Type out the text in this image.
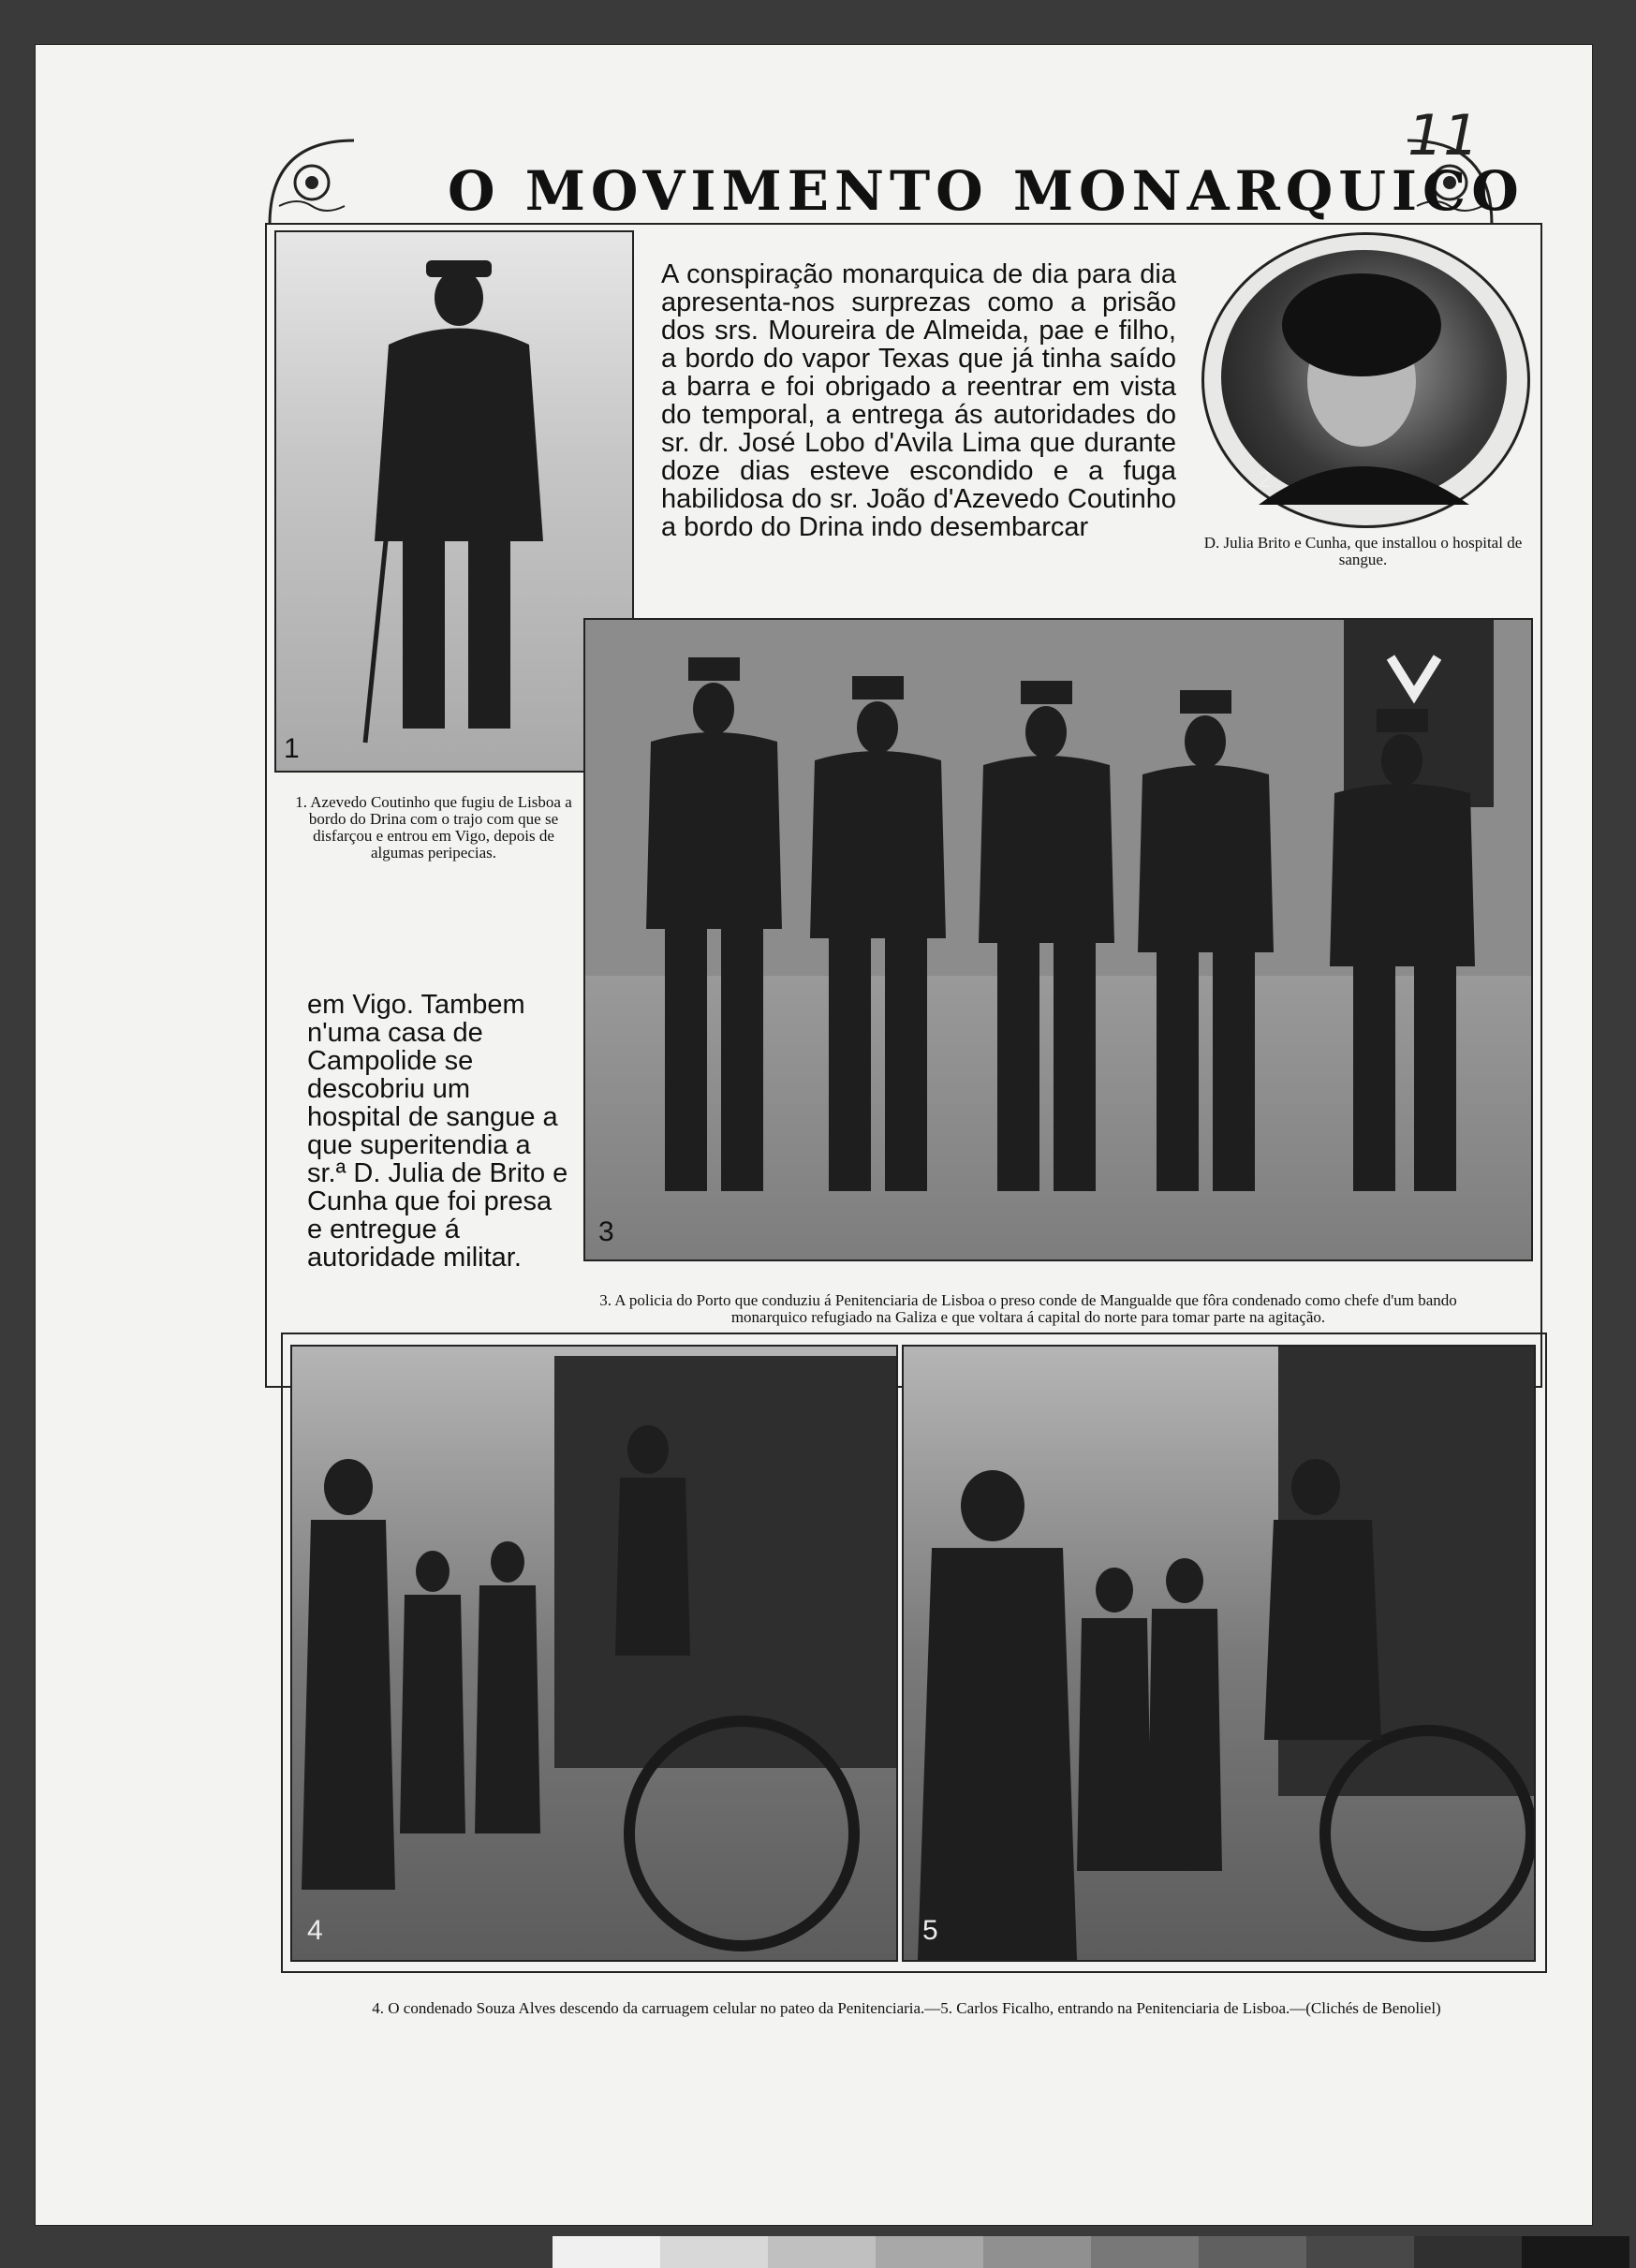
11
O MOVIMENTO MONARQUICO
1
A conspiração monarquica de dia para dia apresenta-nos surprezas como a prisão dos srs. Moureira de Almeida, pae e filho, a bordo do vapor Texas que já tinha saído a barra e foi obrigado a reentrar em vista do temporal, a entrega ás autoridades do sr. dr. José Lobo d'Avila Lima que durante doze dias esteve escondido e a fuga habilidosa do sr. João d'Azevedo Coutinho a bordo do Drina indo desembarcar
2
D. Julia Brito e Cunha, que installou o hospital de sangue.
1. Azevedo Coutinho que fugiu de Lisboa a bordo do Drina com o trajo com que se disfarçou e entrou em Vigo, depois de algumas peripecias.
em Vigo. Tambem n'uma casa de Campolide se descobriu um hospital de sangue a que superitendia a sr.ª D. Julia de Brito e Cunha que foi presa e entregue á autoridade militar.
3
3. A policia do Porto que conduziu á Penitenciaria de Lisboa o preso conde de Mangualde que fôra condenado como chefe d'um bando monarquico refugiado na Galiza e que voltara á capital do norte para tomar parte na agitação.
4	5
4. O condenado Souza Alves descendo da carruagem celular no pateo da Penitenciaria.—5. Carlos Ficalho, entrando na Penitenciaria de Lisboa.—(Clichés de Benoliel)
